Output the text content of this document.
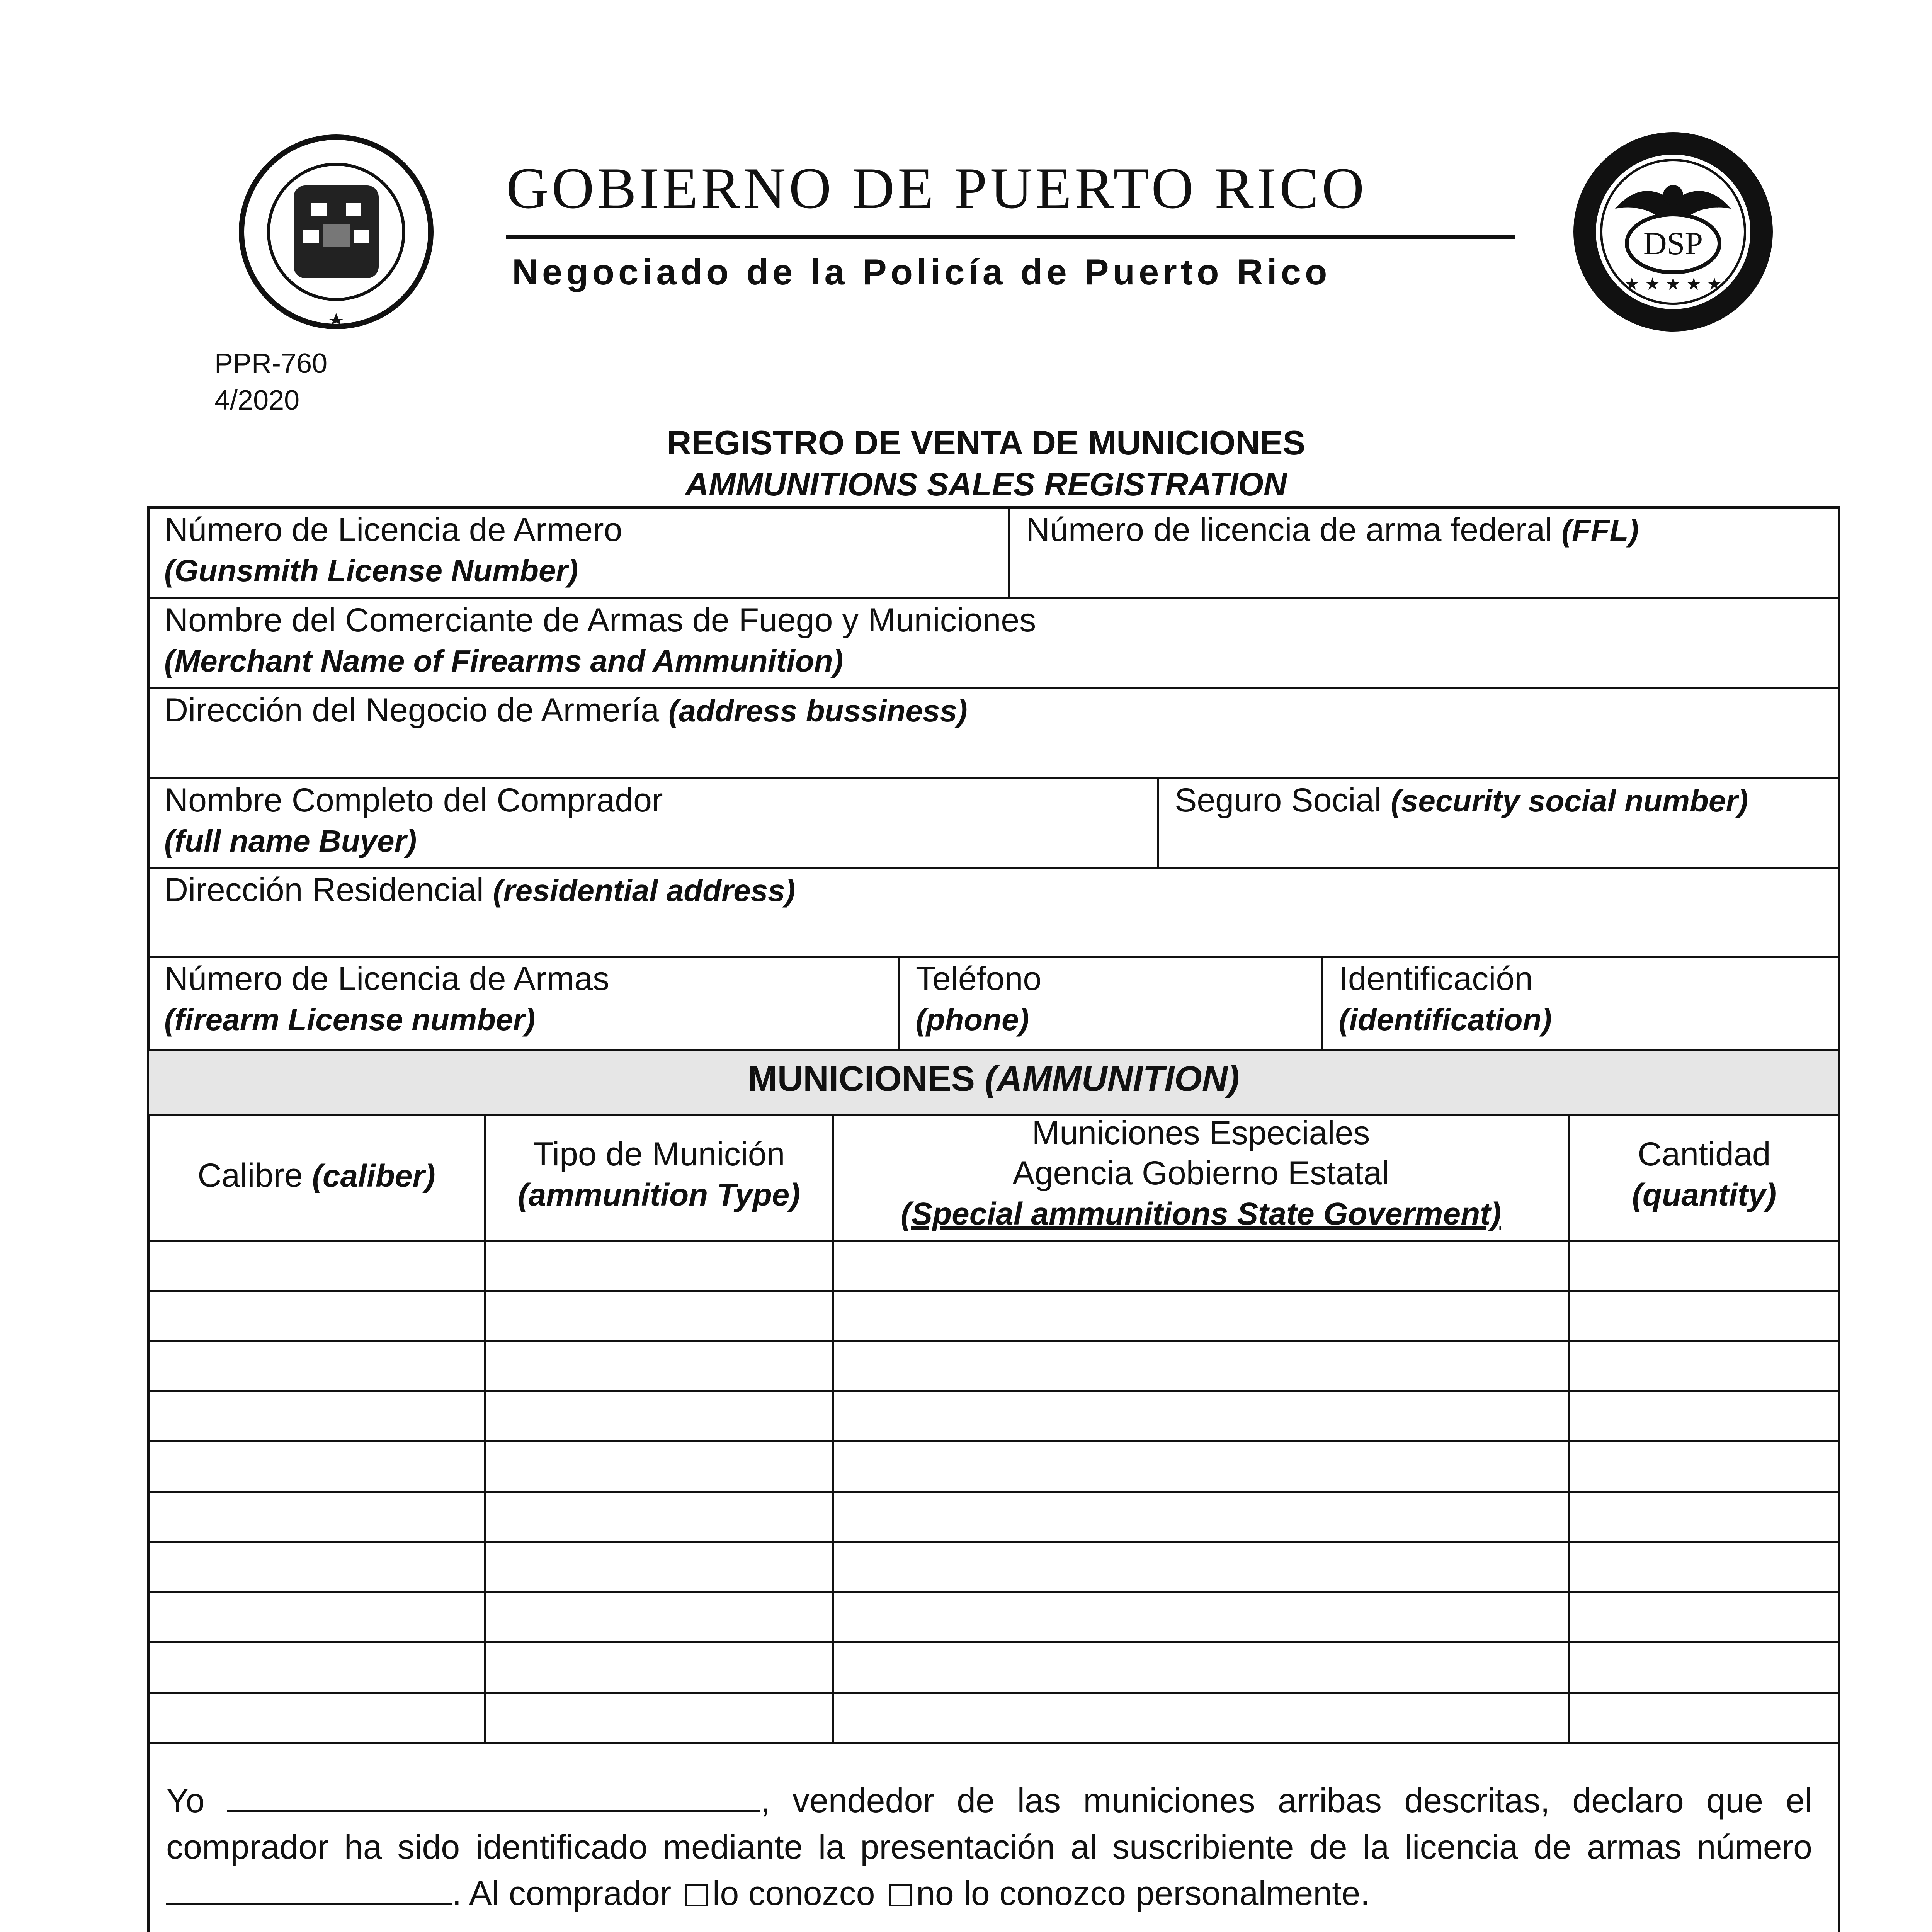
DSP
★ ★ ★ ★ ★
GOBIERNO DE PUERTO RICO
Negociado de la Policía de Puerto Rico
PPR-760
4/2020
REGISTRO DE VENTA DE MUNICIONES
AMMUNITIONS SALES REGISTRATION
Número de Licencia de Armero
(Gunsmith License Number)
Número de licencia de arma federal (FFL)
Nombre del Comerciante de Armas de Fuego y Municiones
(Merchant Name of Firearms and Ammunition)
Dirección del Negocio de Armería (address bussiness)
Nombre Completo del Comprador
(full name Buyer)
Seguro Social (security social number)
Dirección Residencial (residential address)
Número de Licencia de Armas
(firearm License number)
Teléfono
(phone)
Identificación
(identification)
MUNICIONES (AMMUNITION)
Calibre (caliber)
Tipo de Munición
(ammunition Type)
Municiones Especiales
Agencia Gobierno Estatal
(Special ammunitions State Goverment)
Cantidad
(quantity)
Yo	, vendedor de las municiones arribas descritas, declaro que el comprador ha sido identificado mediante la presentación al suscribiente de la licencia de armas número . Al comprador lo conozco no lo conozco personalmente.
